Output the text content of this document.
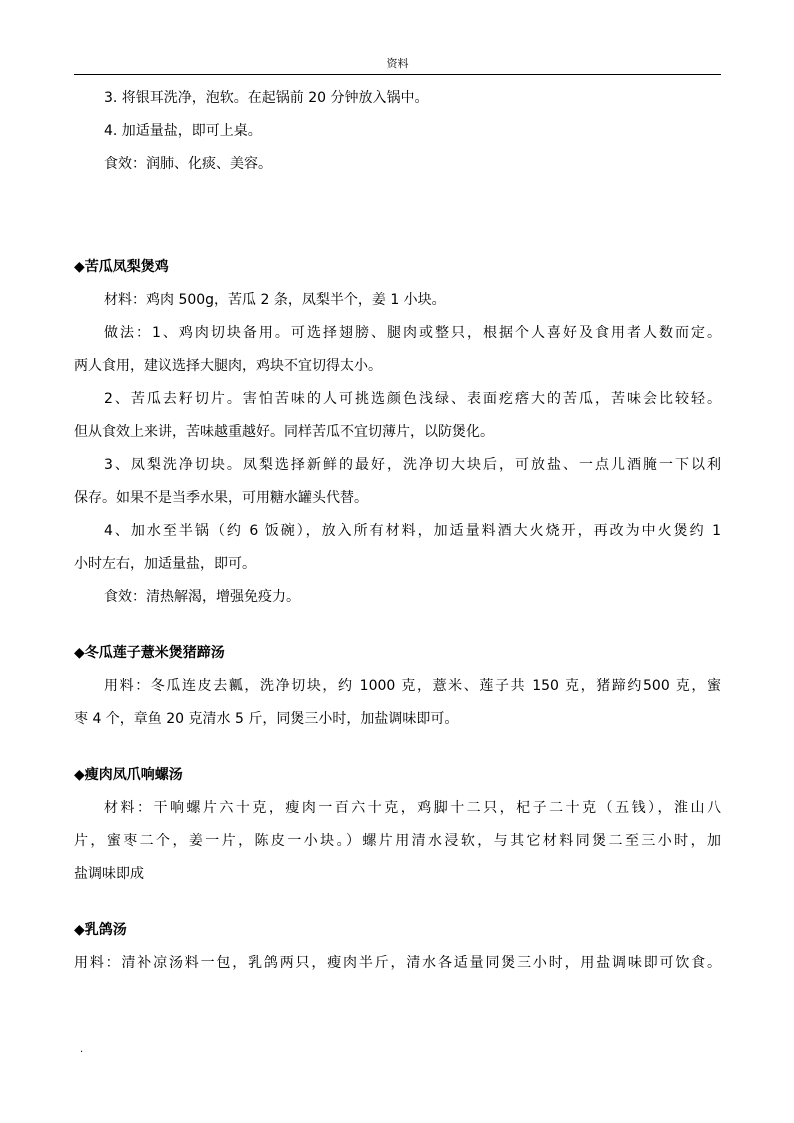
资料
3. 将银耳洗净，泡软。在起锅前 20 分钟放入锅中。
4. 加适量盐，即可上桌。
食效：润肺、化痰、美容。
◆苦瓜凤梨煲鸡
材料：鸡肉 500g，苦瓜 2 条，凤梨半个，姜 1 小块。
做法：1、鸡肉切块备用。可选择翅膀、腿肉或整只，根据个人喜好及食用者人数而定。
两人食用，建议选择大腿肉，鸡块不宜切得太小。
2、苦瓜去籽切片。害怕苦味的人可挑选颜色浅绿、表面疙瘩大的苦瓜，苦味会比较轻。
但从食效上来讲，苦味越重越好。同样苦瓜不宜切薄片，以防煲化。
3、凤梨洗净切块。凤梨选择新鲜的最好，洗净切大块后，可放盐、一点儿酒腌一下以利
保存。如果不是当季水果，可用糖水罐头代替。
4、加水至半锅（约 6 饭碗），放入所有材料，加适量料酒大火烧开，再改为中火煲约 1
小时左右，加适量盐，即可。
食效：清热解渴，增强免疫力。
◆冬瓜莲子薏米煲猪蹄汤
用料：冬瓜连皮去瓤，洗净切块，约 1000 克，薏米、莲子共 150 克，猪蹄约500 克，蜜
枣 4 个，章鱼 20 克清水 5 斤，同煲三小时，加盐调味即可。
◆瘦肉凤爪响螺汤
材料：干响螺片六十克，瘦肉一百六十克，鸡脚十二只，杞子二十克（五钱），淮山八
片，蜜枣二个，姜一片，陈皮一小块。）螺片用清水浸软，与其它材料同煲二至三小时，加
盐调味即成
◆乳鸽汤
用料：清补凉汤料一包，乳鸽两只，瘦肉半斤，清水各适量同煲三小时，用盐调味即可饮食。
.
